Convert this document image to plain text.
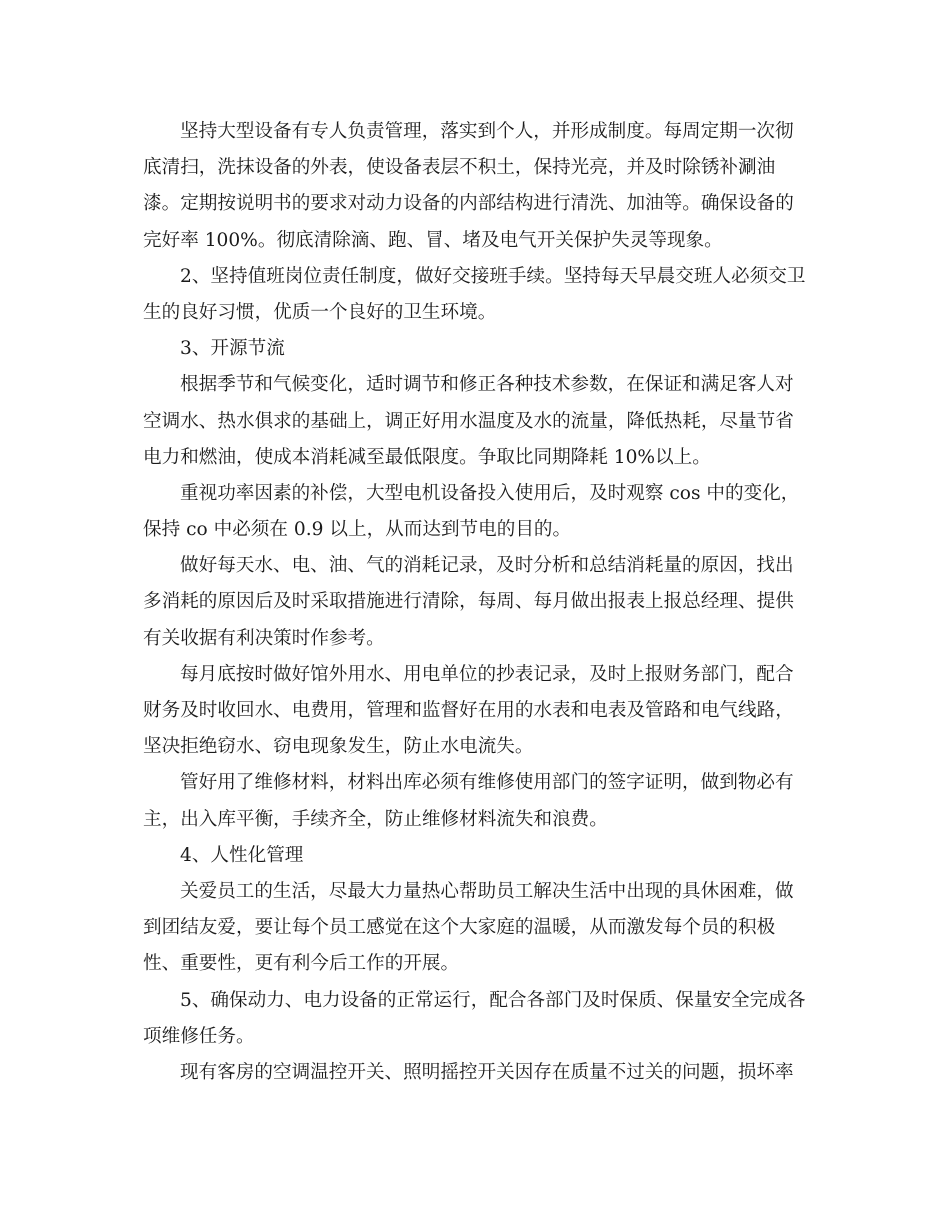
坚持大型设备有专人负责管理，落实到个人，并形成制度。每周定期一次彻
底清扫，洗抹设备的外表，使设备表层不积土，保持光亮，并及时除锈补涮油
漆。定期按说明书的要求对动力设备的内部结构进行清洗、加油等。确保设备的
完好率 100%。彻底清除滴、跑、冒、堵及电气开关保护失灵等现象。
2、坚持值班岗位责任制度，做好交接班手续。坚持每天早晨交班人必须交卫
生的良好习惯，优质一个良好的卫生环境。
3、开源节流
根据季节和气候变化，适时调节和修正各种技术参数，在保证和满足客人对
空调水、热水俱求的基础上，调正好用水温度及水的流量，降低热耗，尽量节省
电力和燃油，使成本消耗减至最低限度。争取比同期降耗 10%以上。
重视功率因素的补偿，大型电机设备投入使用后，及时观察 cos 中的变化，
保持 co 中必须在 0.9 以上，从而达到节电的目的。
做好每天水、电、油、气的消耗记录，及时分析和总结消耗量的原因，找出
多消耗的原因后及时采取措施进行清除，每周、每月做出报表上报总经理、提供
有关收据有利决策时作参考。
每月底按时做好馆外用水、用电单位的抄表记录，及时上报财务部门，配合
财务及时收回水、电费用，管理和监督好在用的水表和电表及管路和电气线路，
坚决拒绝窃水、窃电现象发生，防止水电流失。
管好用了维修材料，材料出库必须有维修使用部门的签字证明，做到物必有
主，出入库平衡，手续齐全，防止维修材料流失和浪费。
4、人性化管理
关爱员工的生活，尽最大力量热心帮助员工解决生活中出现的具休困难，做
到团结友爱，要让每个员工感觉在这个大家庭的温暖，从而激发每个员的积极
性、重要性，更有利今后工作的开展。
5、确保动力、电力设备的正常运行，配合各部门及时保质、保量安全完成各
项维修任务。
现有客房的空调温控开关、照明摇控开关因存在质量不过关的问题，损坏率
